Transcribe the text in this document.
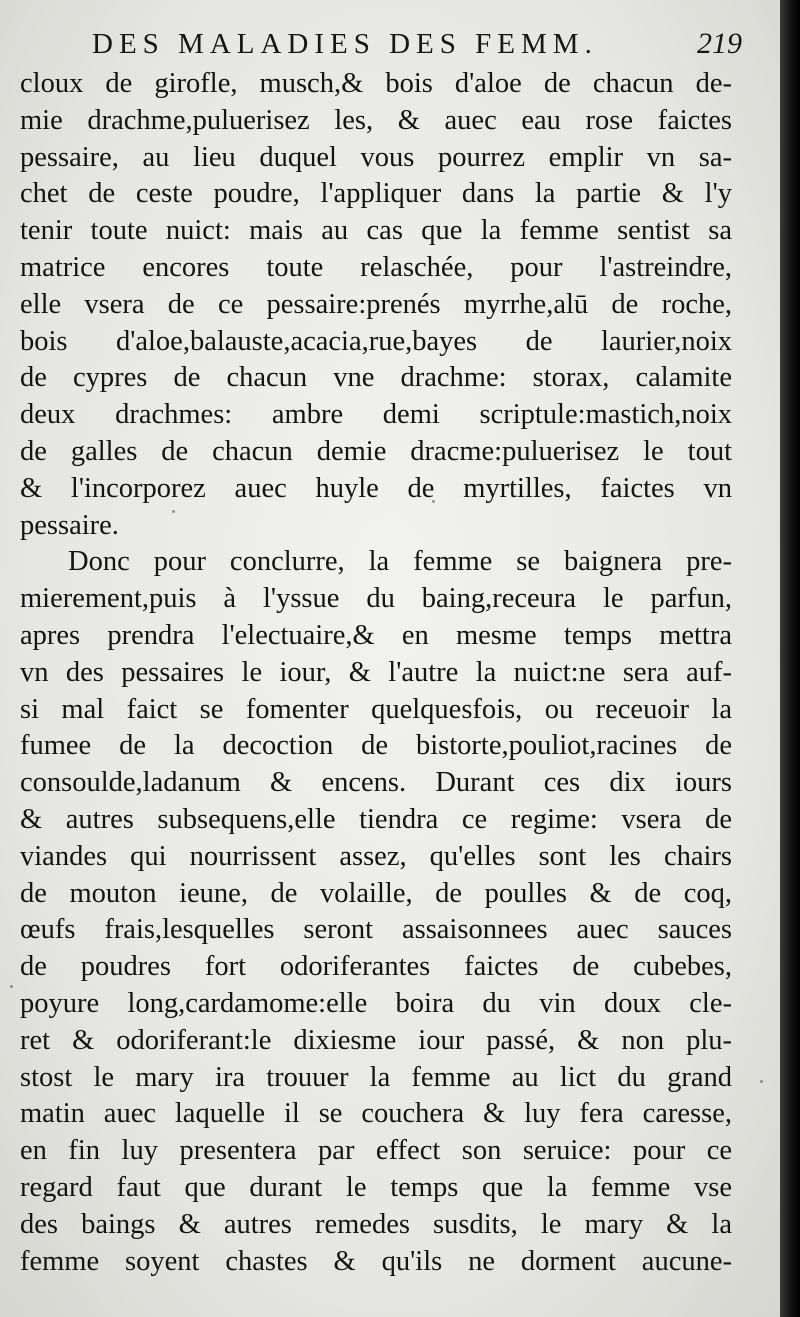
DES MALADIES DES FEMM.	219
cloux de girofle, musch,& bois d'aloe de chacun de-
mie drachme,puluerisez les, & auec eau rose faictes
pessaire, au lieu duquel vous pourrez emplir vn sa-
chet de ceste poudre, l'appliquer dans la partie & l'y
tenir toute nuict: mais au cas que la femme sentist sa
matrice encores toute relaschée, pour l'astreindre,
elle vsera de ce pessaire:prenés myrrhe,alū de roche,
bois d'aloe,balauste,acacia,rue,bayes de laurier,noix
de cypres de chacun vne drachme: storax, calamite
deux drachmes: ambre demi scriptule:mastich,noix
de galles de chacun demie dracme:puluerisez le tout
& l'incorporez auec huyle de myrtilles, faictes vn
pessaire.
Donc pour conclurre, la femme se baignera pre-
mierement,puis à l'yssue du baing,receura le parfun,
apres prendra l'electuaire,& en mesme temps mettra
vn des pessaires le iour, & l'autre la nuict:ne sera auf-
si mal faict se fomenter quelquesfois, ou receuoir la
fumee de la decoction de bistorte,pouliot,racines de
consoulde,ladanum & encens. Durant ces dix iours
& autres subsequens,elle tiendra ce regime: vsera de
viandes qui nourrissent assez, qu'elles sont les chairs
de mouton ieune, de volaille, de poulles & de coq,
œufs frais,lesquelles seront assaisonnees auec sauces
de poudres fort odoriferantes faictes de cubebes,
poyure long,cardamome:elle boira du vin doux cle-
ret & odoriferant:le dixiesme iour passé, & non plu-
stost le mary ira trouuer la femme au lict du grand
matin auec laquelle il se couchera & luy fera caresse,
en fin luy presentera par effect son seruice: pour ce
regard faut que durant le temps que la femme vse
des baings & autres remedes susdits, le mary & la
femme soyent chastes & qu'ils ne dorment aucune-
